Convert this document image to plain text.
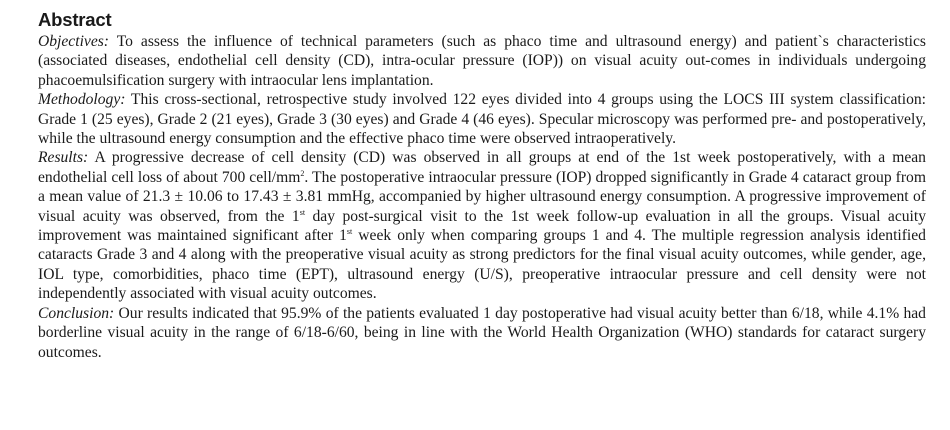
Abstract

Objectives: To assess the influence of technical parameters (such as phaco time and ultrasound energy) and patient`s characteristics (associated diseases, endothelial cell density (CD), intra-ocular pressure (IOP)) on visual acuity out-comes in individuals undergoing phacoemulsification surgery with intraocular lens implantation.

Methodology: This cross-sectional, retrospective study involved 122 eyes divided into 4 groups using the LOCS III system classification: Grade 1 (25 eyes), Grade 2 (21 eyes), Grade 3 (30 eyes) and Grade 4 (46 eyes). Specular microscopy was performed pre- and postoperatively, while the ultrasound energy consumption and the effective phaco time were observed intraoperatively.

Results: A progressive decrease of cell density (CD) was observed in all groups at end of the 1st week postoperatively, with a mean endothelial cell loss of about 700 cell/$mm^2$. The postoperative intraocular pressure (IOP) dropped significantly in Grade 4 cataract group from a mean value of 21.3 ± 10.06 to 17.43 ± 3.81 mmHg, accompanied by higher ultrasound energy consumption. A progressive improvement of visual acuity was observed, from the 1st day post-surgical visit to the 1st week follow-up evaluation in all the groups. Visual acuity improvement was maintained significant after 1st week only when comparing groups 1 and 4. The multiple regression analysis identified cataracts Grade 3 and 4 along with the preoperative visual acuity as strong predictors for the final visual acuity outcomes, while gender, age, IOL type, comorbidities, phaco time (EPT), ultrasound energy (U/S), preoperative intraocular pressure and cell density were not independently associated with visual acuity outcomes.

Conclusion: Our results indicated that 95.9% of the patients evaluated 1 day postoperative had visual acuity better than 6/18, while 4.1% had borderline visual acuity in the range of 6/18-6/60, being in line with the World Health Organization (WHO) standards for cataract surgery outcomes.
